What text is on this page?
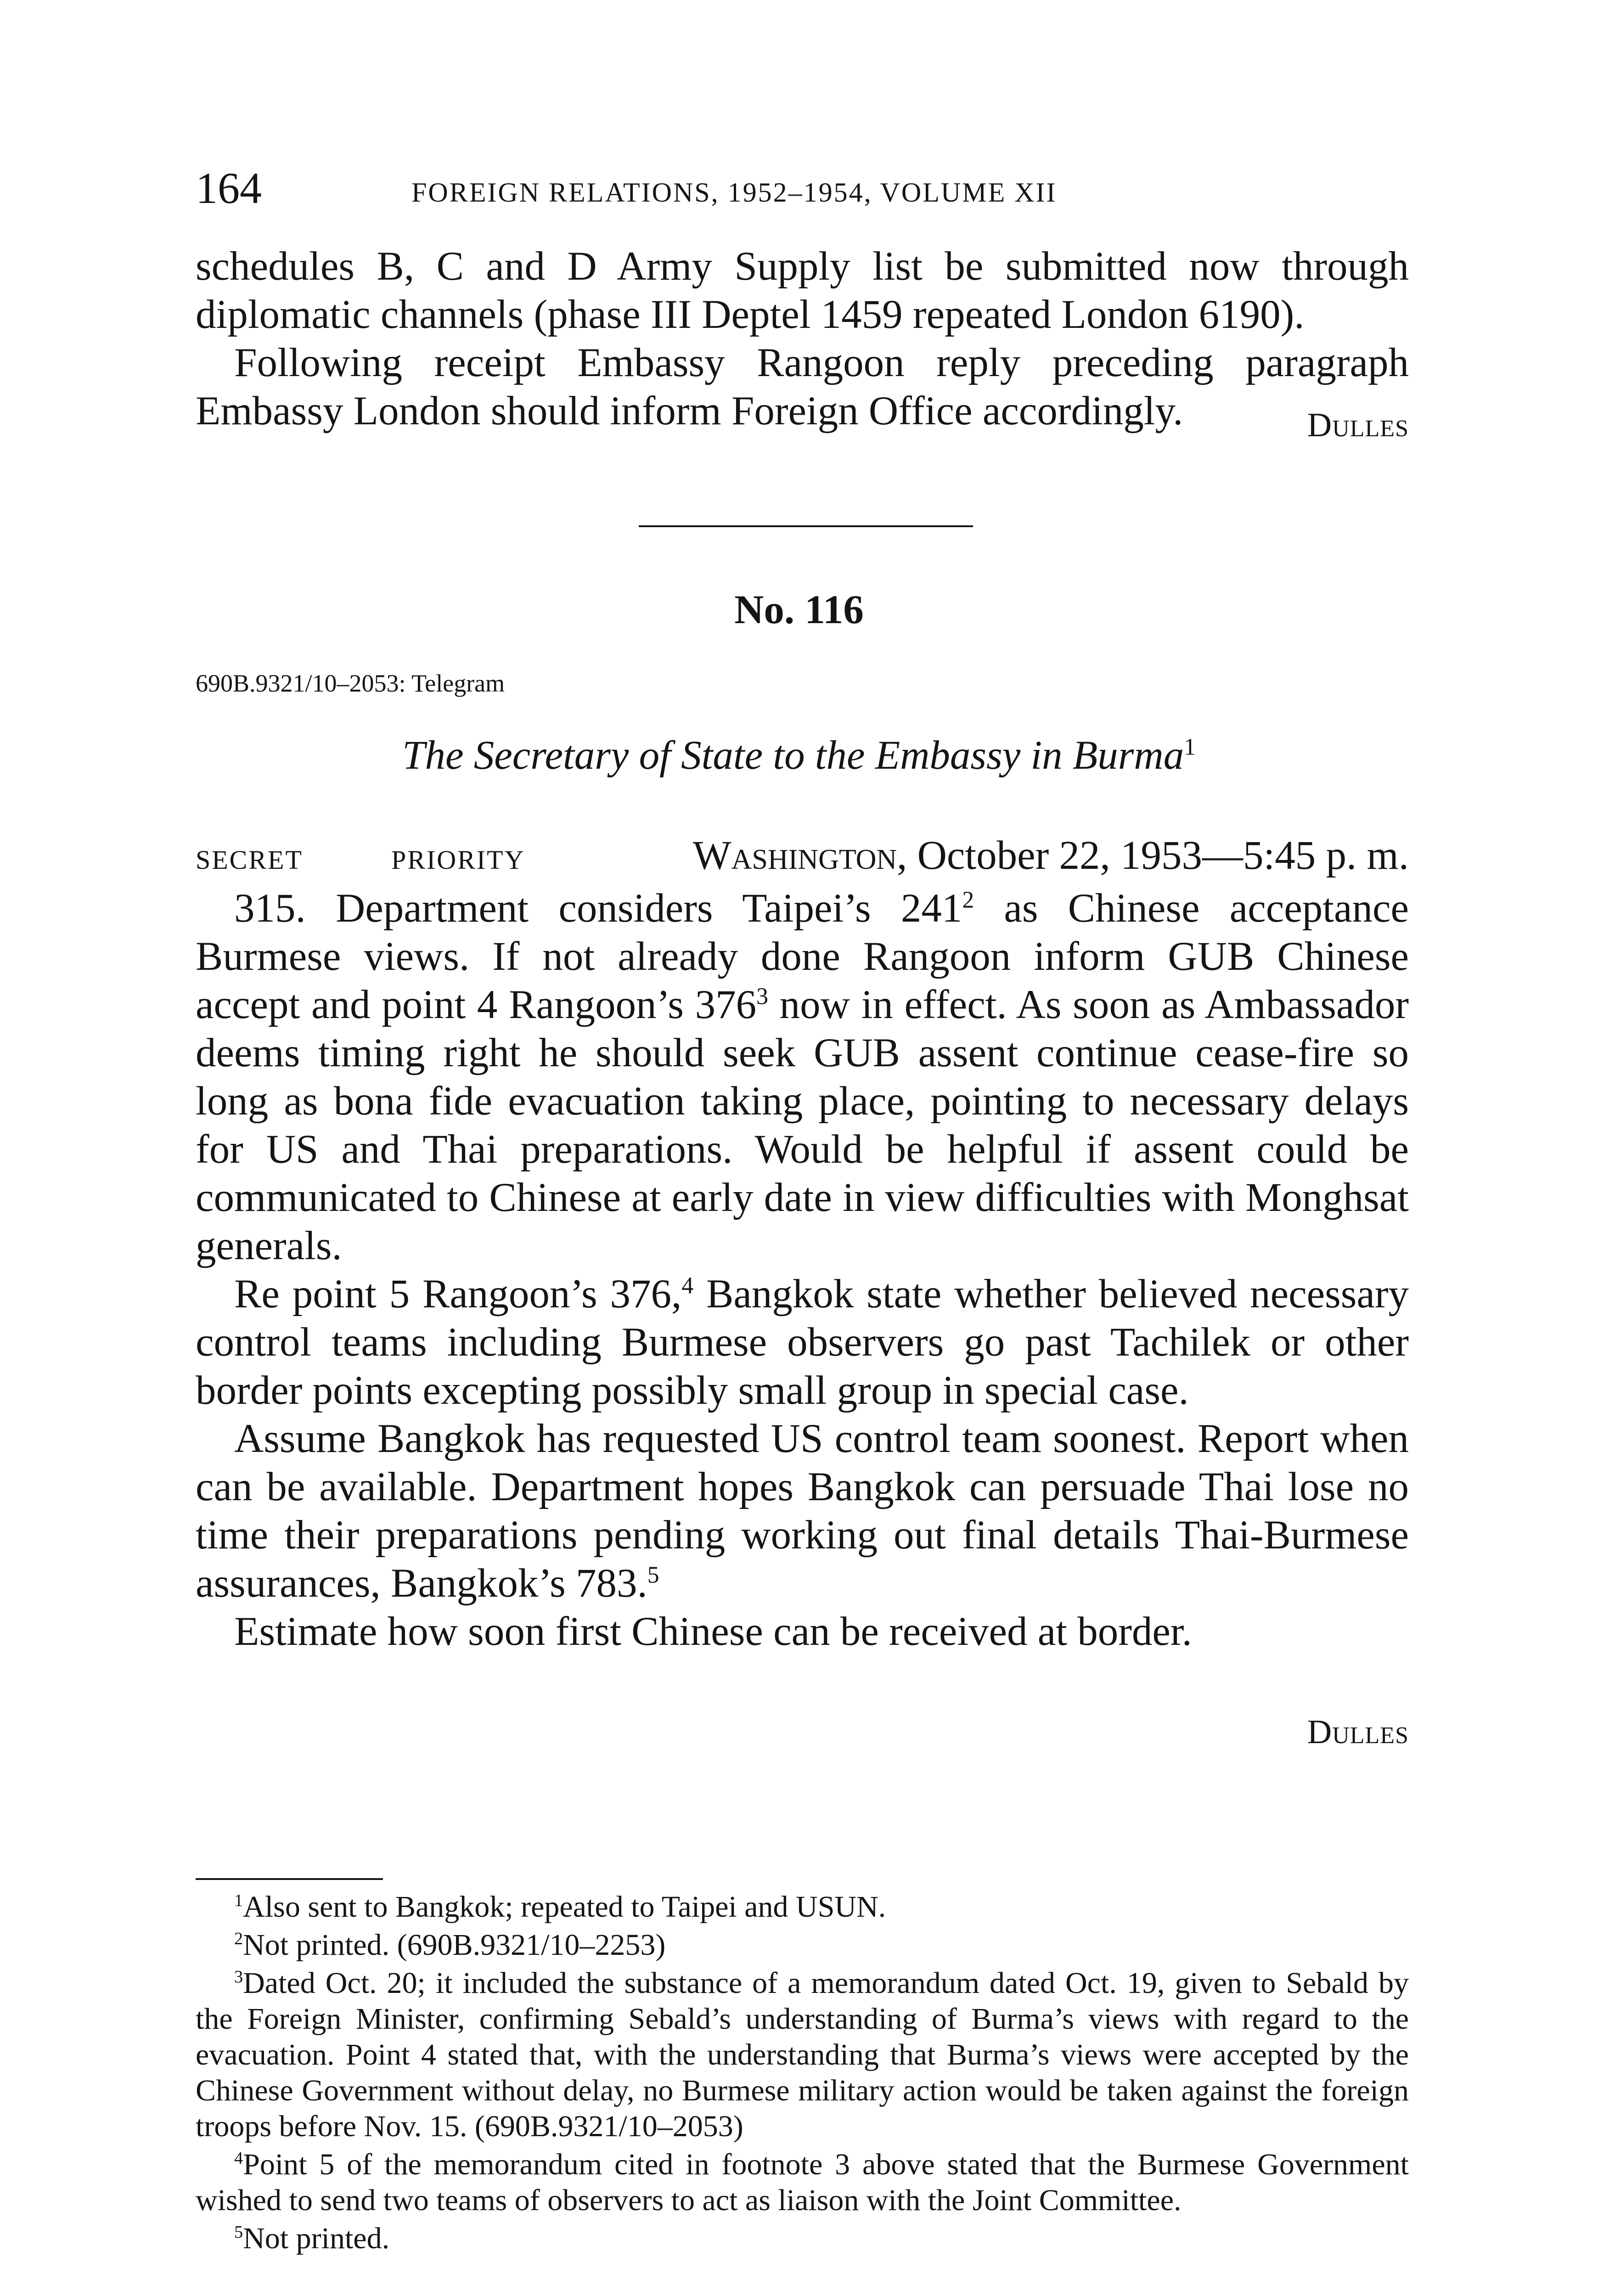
164	FOREIGN RELATIONS, 1952–1954, VOLUME XII

schedules B, C and D Army Supply list be submitted now through diplomatic channels (phase III Deptel 1459 repeated London 6190).

Following receipt Embassy Rangoon reply preceding paragraph Embassy London should inform Foreign Office accordingly.	Dulles
No. 116
690B.9321/10–2053: Telegram
The Secretary of State to the Embassy in Burma$^1$
SECRET	PRIORITY	Washington, October 22, 1953—5:45 p. m.

315. Department considers Taipei’s $241^2$ as Chinese acceptance Burmese views. If not already done Rangoon inform GUB Chinese accept and point 4 Rangoon’s $376^3$ now in effect. As soon as Ambassador deems timing right he should seek GUB assent continue cease-fire so long as bona fide evacuation taking place, pointing to necessary delays for US and Thai preparations. Would be helpful if assent could be communicated to Chinese at early date in view difficulties with Monghsat generals.

Re point 5 Rangoon’s 376,$^4$ Bangkok state whether believed necessary control teams including Burmese observers go past Tachilek or other border points excepting possibly small group in special case.

Assume Bangkok has requested US control team soonest. Report when can be available. Department hopes Bangkok can persuade Thai lose no time their preparations pending working out final details Thai-Burmese assurances, Bangkok’s 783.$^5$

Estimate how soon first Chinese can be received at border.

Dulles

$^1$Also sent to Bangkok; repeated to Taipei and USUN.

$^2$Not printed. (690B.9321/10–2253)

$^3$Dated Oct. 20; it included the substance of a memorandum dated Oct. 19, given to Sebald by the Foreign Minister, confirming Sebald’s understanding of Burma’s views with regard to the evacuation. Point 4 stated that, with the understanding that Burma’s views were accepted by the Chinese Government without delay, no Burmese military action would be taken against the foreign troops before Nov. 15. (690B.9321/10–2053)

$^4$Point 5 of the memorandum cited in footnote 3 above stated that the Burmese Government wished to send two teams of observers to act as liaison with the Joint Committee.

$^5$Not printed.
